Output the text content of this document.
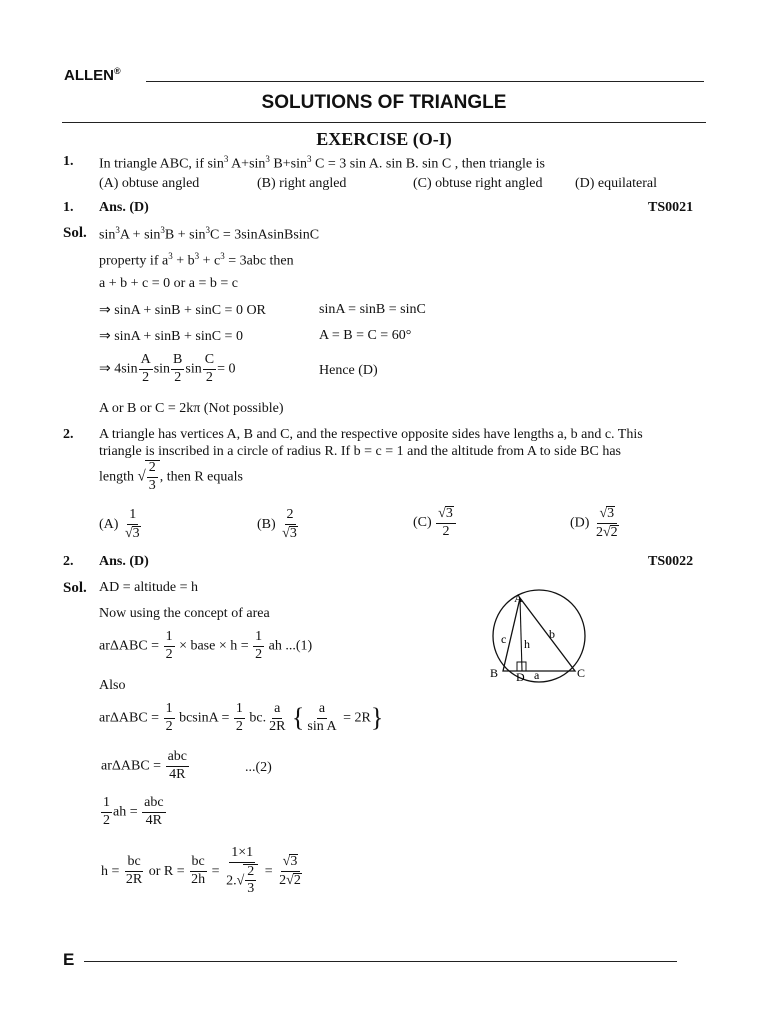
ALLEN®
SOLUTIONS OF TRIANGLE
EXERCISE (O-I)
1. In triangle ABC, if $\sin^3 A+\sin^3$ $B+\sin^3$ C = 3 sin A. sin B. sin C , then triangle is
(A) obtuse angled	(B) right angled	(C) obtuse right angled (D) equilateral
1. Ans. (D)	TS0021
Sol. $\sin^3A + \sin^3B + \sin^3C$ = 3sinAsinBsinC
property if $a^3 + b^3 + c^3 = 3abc$ then
a + b + c = 0 or a = b = c
⇒ sinA + sinB + sinC = 0 OR	sinA = sinB = sinC
⇒ sinA + sinB + sinC = 0	A = B = C = 60°
⇒ $4\sin \frac{A}{2}$ $\sin \frac{B}{2}$ $\sin \frac{C}{2} = 0$	Hence (D)
A or B or C = 2kπ (Not possible)
2. A triangle has vertices A, B and C, and the respective opposite sides have lengths a, b and c. This
triangle is inscribed in a circle of radius R. If b = c = 1 and the altitude from A to side BC has
length √ $\frac{2}{3}$ , then R equals
$(A) \frac{1}{√3}$	$(B) \frac{2}{√3}$	$(C) \frac{√3}{2}$	$(D) \frac{√3}{2√2}$
2. Ans. (D)	TS0022
Sol. AD = altitude = h
Now using the concept of area
$ar\Delta ABC = \frac{1}{2}$ × base × $h = \frac{1}{2}$ ah ...(1)
Also
$ar\Delta ABC = \frac{1}{2}$ $bcsinA = \frac{1}{2}$ bc. $\frac{a}{2R}$ { $\frac{a}{\text{sin A}} = 2R$}
arΔABC =
abc
4R	...(2)
$\frac{1}{2}$ ah =
abc
4R
$h = \frac{bc}{2R}$ or $R = \frac{bc}{2h} = \frac{1\times 1}{2.√ \frac{2}{3}} = \frac{√3}{2√2}$
A
B	C
D a
b
c h
E
